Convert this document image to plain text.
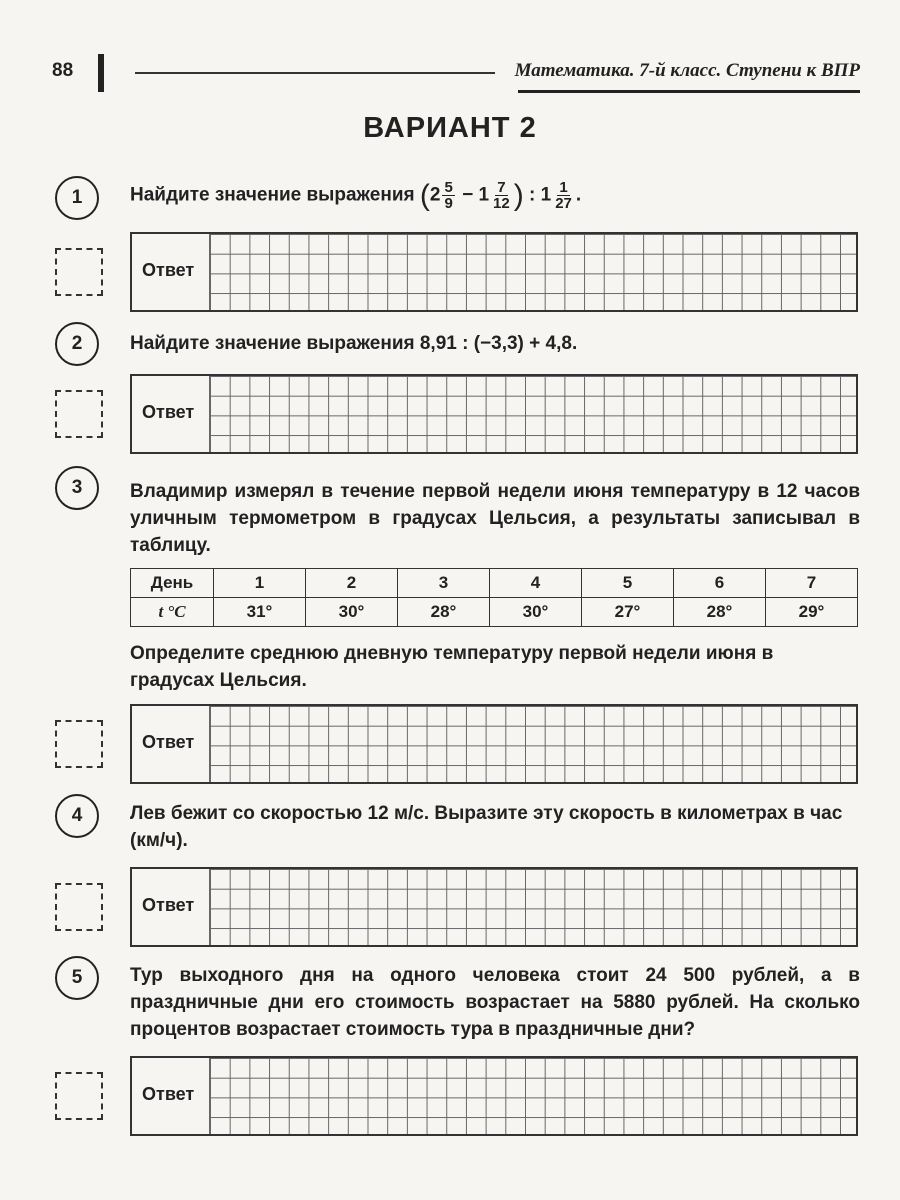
88	Математика. 7-й класс. Ступени к ВПР
ВАРИАНТ 2
1	Найдите значение выражения ($2 \frac{5}{9} - 1 \frac{7}{12}$ ) : $1 \frac{1}{27}$ .
Ответ
2	Найдите значение выражения 8,91 : (−3,3) + 4,8.
Ответ
3	Владимир измерял в течение первой недели июня температуру в 12 часов уличным термометром в градусах Цельсия, а результаты записывал в таблицу.
День	1	2	3	4	5	6	7
t °C	31°	30°	28°	30°	27°	28°	29°
Определите среднюю дневную температуру первой недели июня в градусах Цельсия.
Ответ
4	Лев бежит со скоростью 12 м/с. Выразите эту скорость в километрах в час (км/ч).
Ответ
5	Тур выходного дня на одного человека стоит 24 500 рублей, а в праздничные дни его стоимость возрастает на 5880 рублей. На сколько процентов возрастает стоимость тура в праздничные дни?
Ответ
